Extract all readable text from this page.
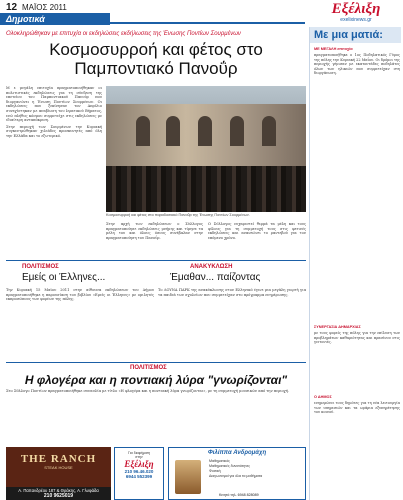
12 ΜΑΪΟΣ 2011
Δημοτικά
Εξέλιξη
exelixinews.gr
Ολοκληρώθηκαν με επιτυχία οι εκδηλώσεις εκδήλωσεις της Ένωσης Ποντίων Σουρμένων
Κοσμοσυρροή και φέτος στο Παμποντιακό Πανοΰρ

Μ ε μεγάλη επιτυχία πραγματοποιήθηκαν οι πολιτιστικές εκδηλώσεις για τη σύνδεση της επετείου του Παμποντιακού Πανοΰρ που διοργανώνει η Ένωση Ποντίων Σουρμένων. Οι εκδηλώσεις που ξεκίνησαν τον Απρίλιο συνεχίστηκαν με αναβίωση του Ιερατικού Βήματος, ενώ πλήθος κόσμου συμμετείχε στις εκδηλώσεις με ιδιαίτερη ανταπόκριση.

Στην περιοχή των Σουρμένων την Κυριακή συγκεντρώθηκαν χιλιάδες προσκυνητές από όλη την Ελλάδα και το εξωτερικό.

Κοσμοσυρροή και φέτος στο παραδοσιακό Πανοΰρ της Ένωσης Ποντίων Σουρμένων.

Στην αρχή των εκδηλώσεων ο Σύλλογος πραγματοποίησε εκδηλώσεις μνήμης και τίμησε τα μέλη του και όλους όσους συνέβαλαν στην πραγματοποίηση του Πανοΰρ.

Ο Σύλλογος ευχαριστεί θερμά τα μέλη και τους φίλους για τη συμμετοχή τους στις φετινές εκδηλώσεις και ανανεώνει το ραντεβού για τον επόμενο χρόνο.

ΠΟΛΙΤΙΣΜΟΣ
Εμείς οι Έλληνες...

Την Κυριακή 15 Μαΐου 2011 στην αίθουσα εκδηλώσεων του Δήμου πραγματοποιήθηκε η παρουσίαση του βιβλίου «Εμείς οι Έλληνες» με ομιλητές εκπροσώπους των φορέων της πόλης.

ΑΝΑΚΥΚΛΩΣΗ
Έμαθαν... παίζοντας

Το ΛΟΥΝΑ ΠΑΡΚ της ανακύκλωσης στον Ελληνικό έγινε μια μεγάλη γιορτή για τα παιδιά των σχολείων που συμμετείχαν στο πρόγραμμα ενημέρωσης.

ΠΟΛΙΤΙΣΜΟΣ
Η φλογέρα και η ποντιακή λύρα "γνωρίζονται"

Στο Σύλλογο Ποντίων πραγματοποιήθηκε συναυλία με τίτλο «Η φλογέρα και η ποντιακή λύρα γνωρίζονται», με τη συμμετοχή μουσικών από την περιοχή.

Με μια ματιά:
ΜΕ ΜΕΓΑΛΗ επιτυχία
πραγματοποιήθηκε ο 1ος Ποδηλατικός Γύρος της πόλης την Κυριακή 22 Μαΐου. Οι δρόμοι της περιοχής γέμισαν με εκατοντάδες ποδηλάτες όλων των ηλικιών που συμμετείχαν στη διοργάνωση.
ΣΥΝΕΡΓΑΣΙΑ ΔΗΜΑΡΧΙΑΣ
με τους φορείς της πόλης για την επίλυση των προβλημάτων καθαριότητας και πρασίνου στις γειτονιές.
Ο ΔΗΜΟΣ
ενημερώνει τους δημότες για τη νέα λειτουργία των υπηρεσιών και τα ωράρια εξυπηρέτησης του κοινού.
THE RANCH
STEAK HOUSE
Α. Παπανδρέου 187 & Θράκης, Α. Γλυφάδα
210 9625019
Για διαφήμιση
στην
Εξέλιξη
210 96.46.020
6944 552399
Φιλίππα Ανδρομάχη
Μαθηματικός
Μαθηματικές δυνατότητες
Φυσική
Διαγωνισμοί για όλα τα μαθήματα
Κινητό τηλ. 6948 828089
